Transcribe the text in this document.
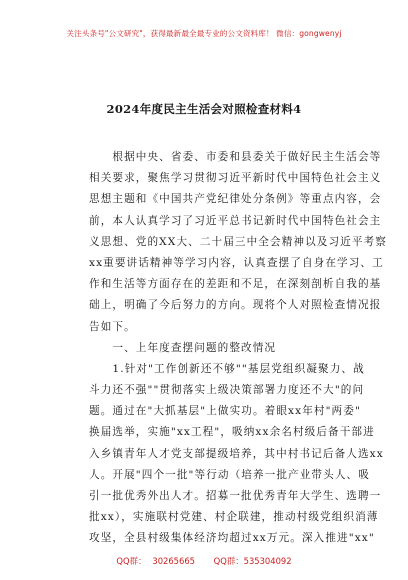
关注头条号"公文研究"，获得最新最全最专业的公文资料库！ 微信：gongwenyj
2024年度民主生活会对照检查材料4
　　根据中央、省委、市委和县委关于做好民主生活会等
相关要求，聚焦学习贯彻习近平新时代中国特色社会主义
思想主题和《中国共产党纪律处分条例》等重点内容，会
前，本人认真学习了习近平总书记新时代中国特色社会主
义思想、党的XX大、二十届三中全会精神以及习近平考察
xx重要讲话精神等学习内容，认真查摆了自身在学习、工
作和生活等方面存在的差距和不足，在深刻剖析自我的基
础上，明确了今后努力的方向。现将个人对照检查情况报
告如下。
　　一、上年度查摆问题的整改情况
　　1.针对"工作创新还不够""基层党组织凝聚力、战
斗力还不强""贯彻落实上级决策部署力度还不大"的问
题。通过在"大抓基层"上做实功。着眼xx年村"两委"
换届选举，实施"xx工程"，吸纳xx余名村级后备干部进
入乡镇青年人才党支部提级培养，其中村书记后备人选xx
人。开展"四个一批"等行动（培养一批产业带头人、吸
引一批优秀外出人才。招募一批优秀青年大学生、选聘一
批xx），实施联村党建、村企联建，推动村级党组织消薄
攻坚，全县村级集体经济均超过xx万元。深入推进"xx"
QQ群： 30265665 QQ群：535304092
